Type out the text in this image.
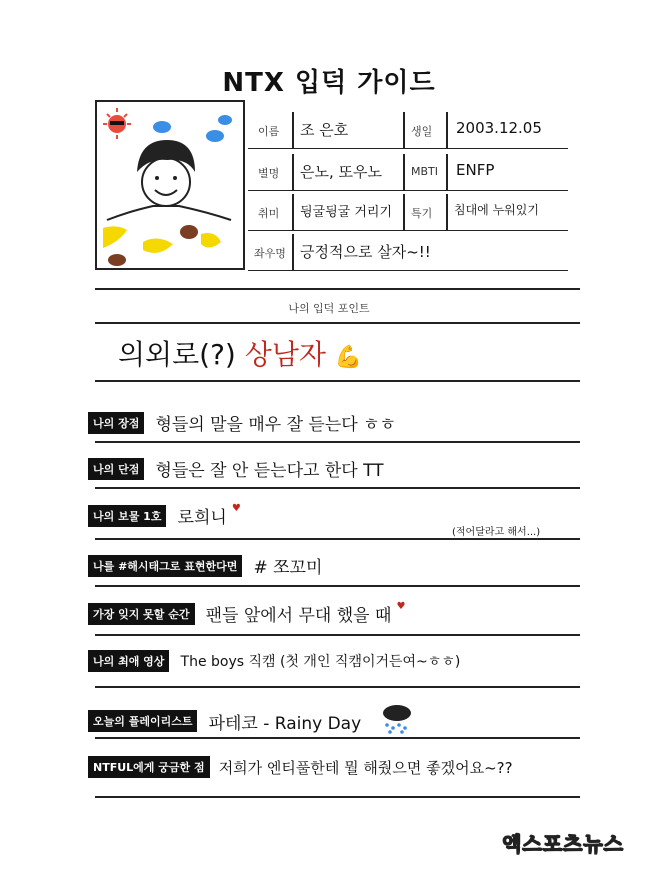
NTX 입덕 가이드
이름 조 은호	생일 2003.12.05
별명 은노, 또우노	MBTI ENFP
취미 뒹굴뒹굴 거리기 특기 침대에 누워있기
좌우명 긍정적으로 살자~!!
나의 입덕 포인트
의외로(?) 상남자 💪
나의 장점 형들의 말을 매우 잘 듣는다 ㅎㅎ
나의 단점 형들은 잘 안 듣는다고 한다 TT
나의 보물 1호 로희니 ♥
(적어달라고 해서...)
나를 #해시태그로 표현한다면 # 쪼꼬미
가장 잊지 못할 순간 팬들 앞에서 무대 했을 때 ♥
나의 최애 영상 The boys 직캠 (첫 개인 직캠이거든여~ㅎㅎ)
오늘의 플레이리스트 파테코 - Rainy Day
NTFUL에게 궁금한 점 저희가 엔티풀한테 뭘 해줬으면 좋겠어요~??
엑스포츠뉴스
